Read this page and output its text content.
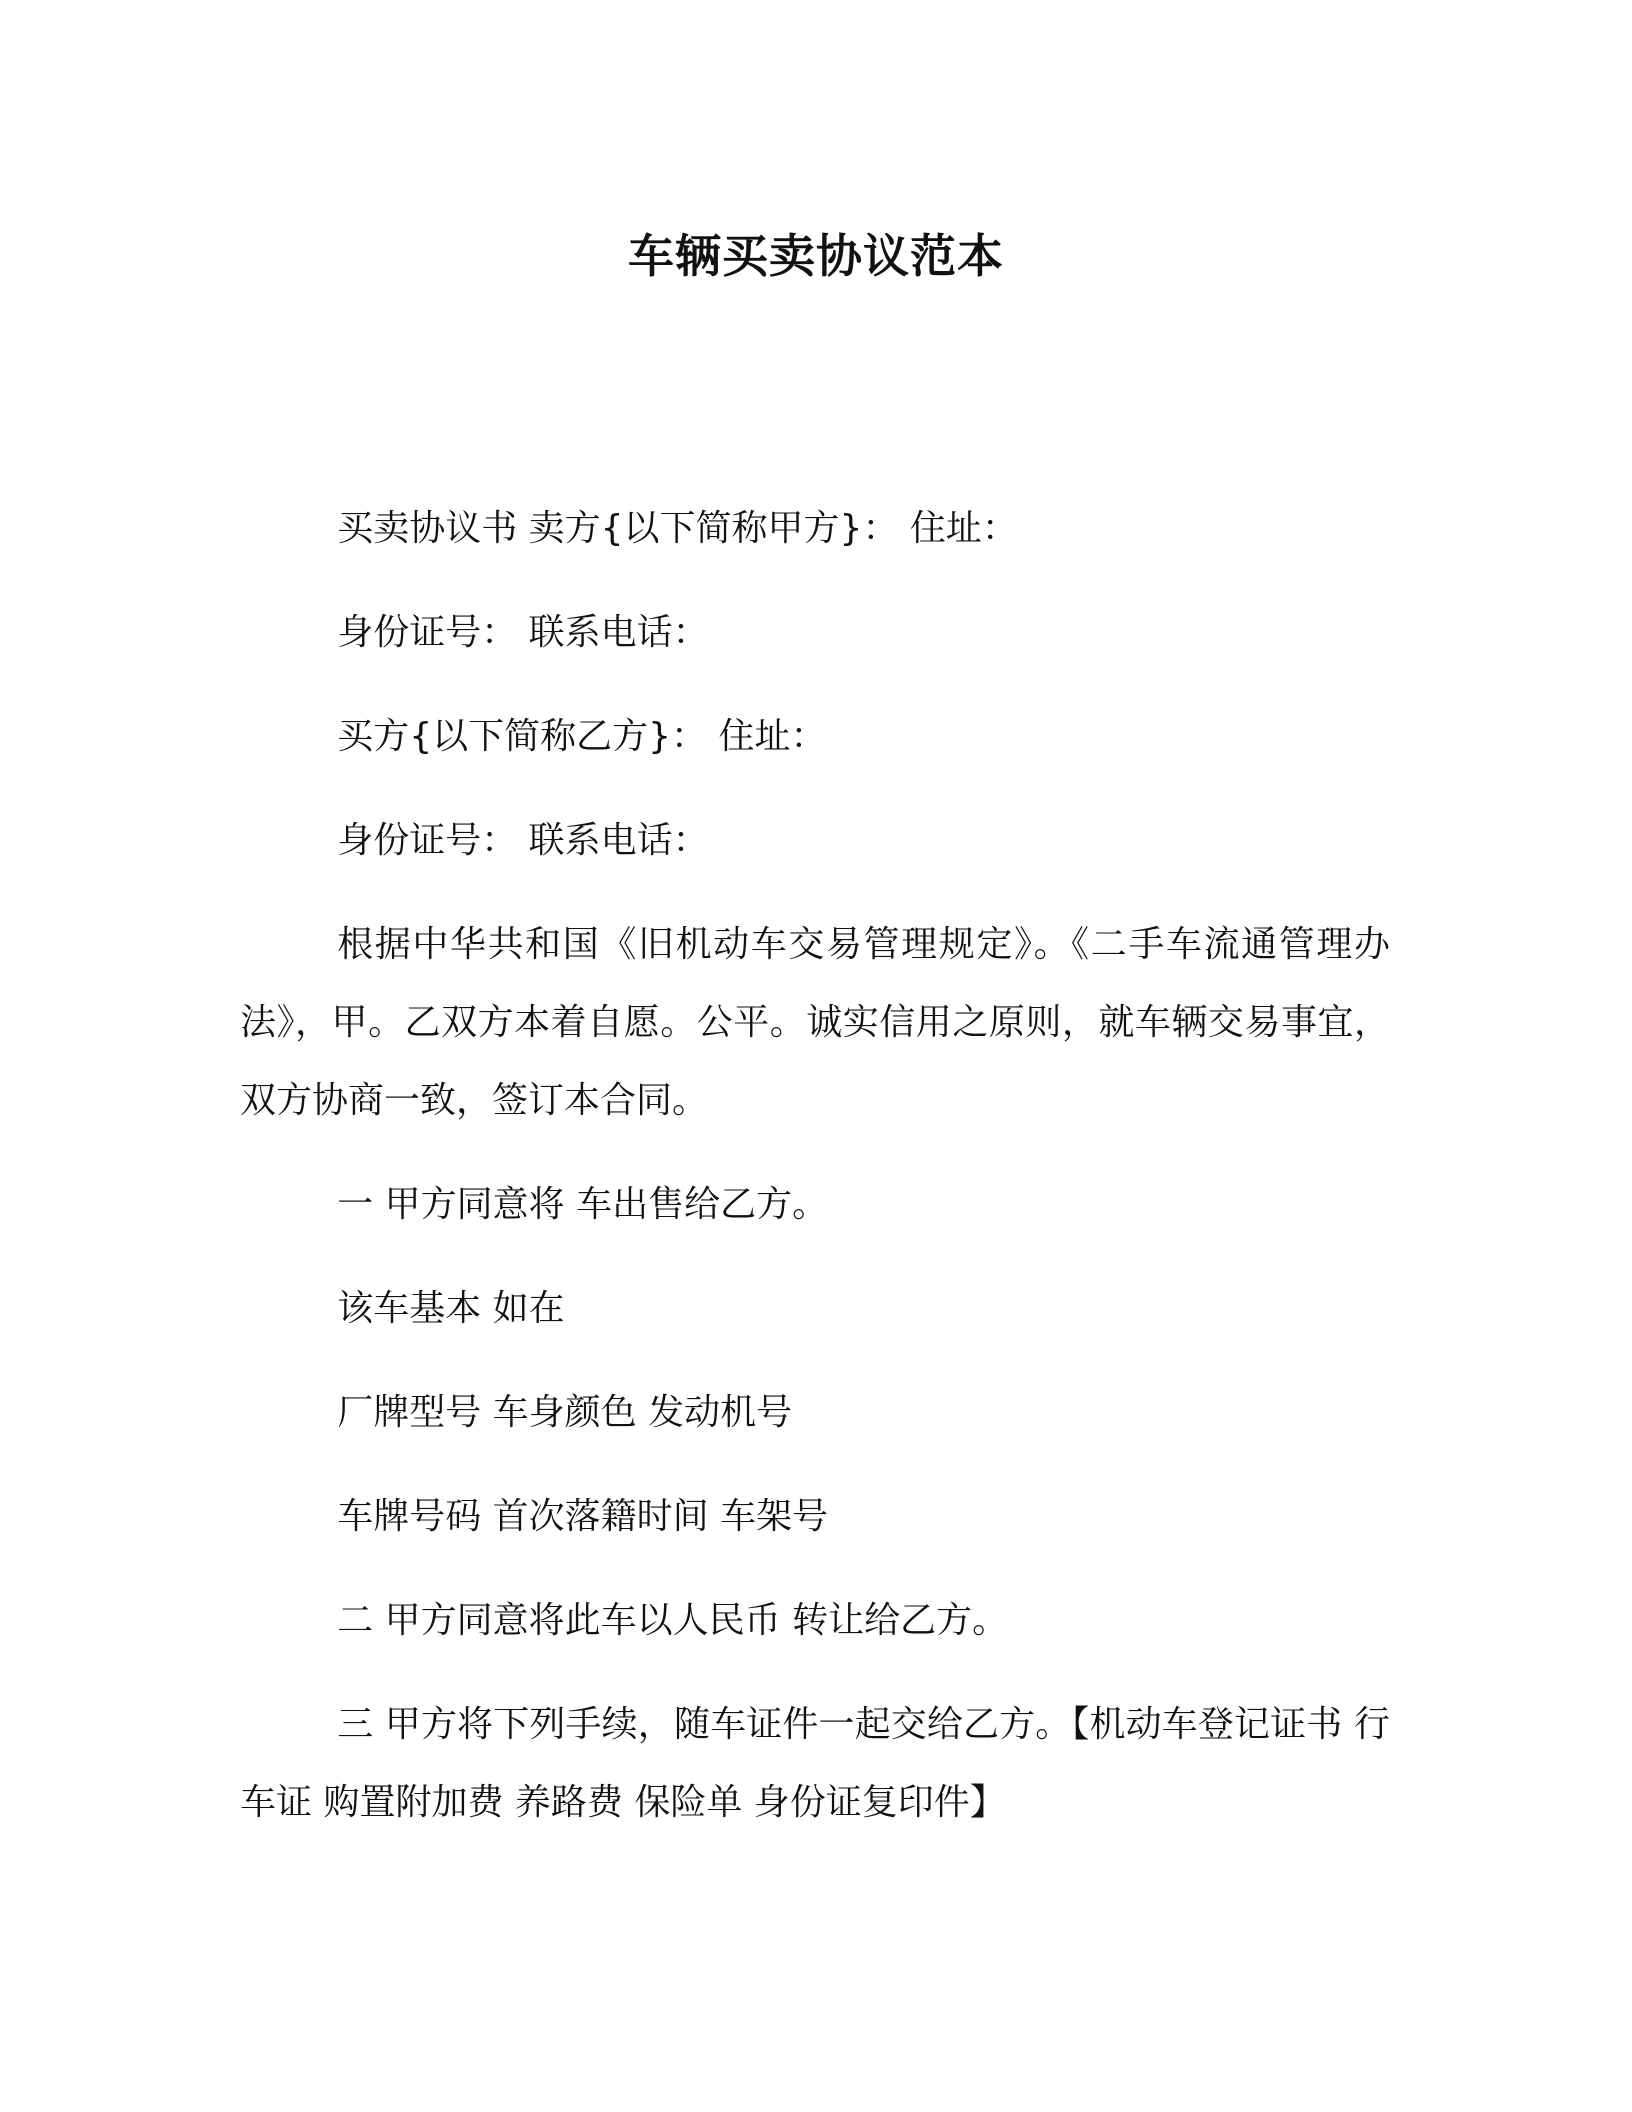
车辆买卖协议范本

买卖协议书 卖方{以下简称甲方}： 住址：

身份证号： 联系电话：

买方{以下简称乙方}： 住址：

身份证号： 联系电话：

根据中华共和国《旧机动车交易管理规定》。《二手车流通管理办法》，甲。乙双方本着自愿。公平。诚实信用之原则，就车辆交易事宜，双方协商一致，签订本合同。

一 甲方同意将 车出售给乙方。

该车基本 如在

厂牌型号 车身颜色 发动机号

车牌号码 首次落籍时间 车架号

二 甲方同意将此车以人民币 转让给乙方。

三 甲方将下列手续，随车证件一起交给乙方。【机动车登记证书 行车证 购置附加费 养路费 保险单 身份证复印件】
